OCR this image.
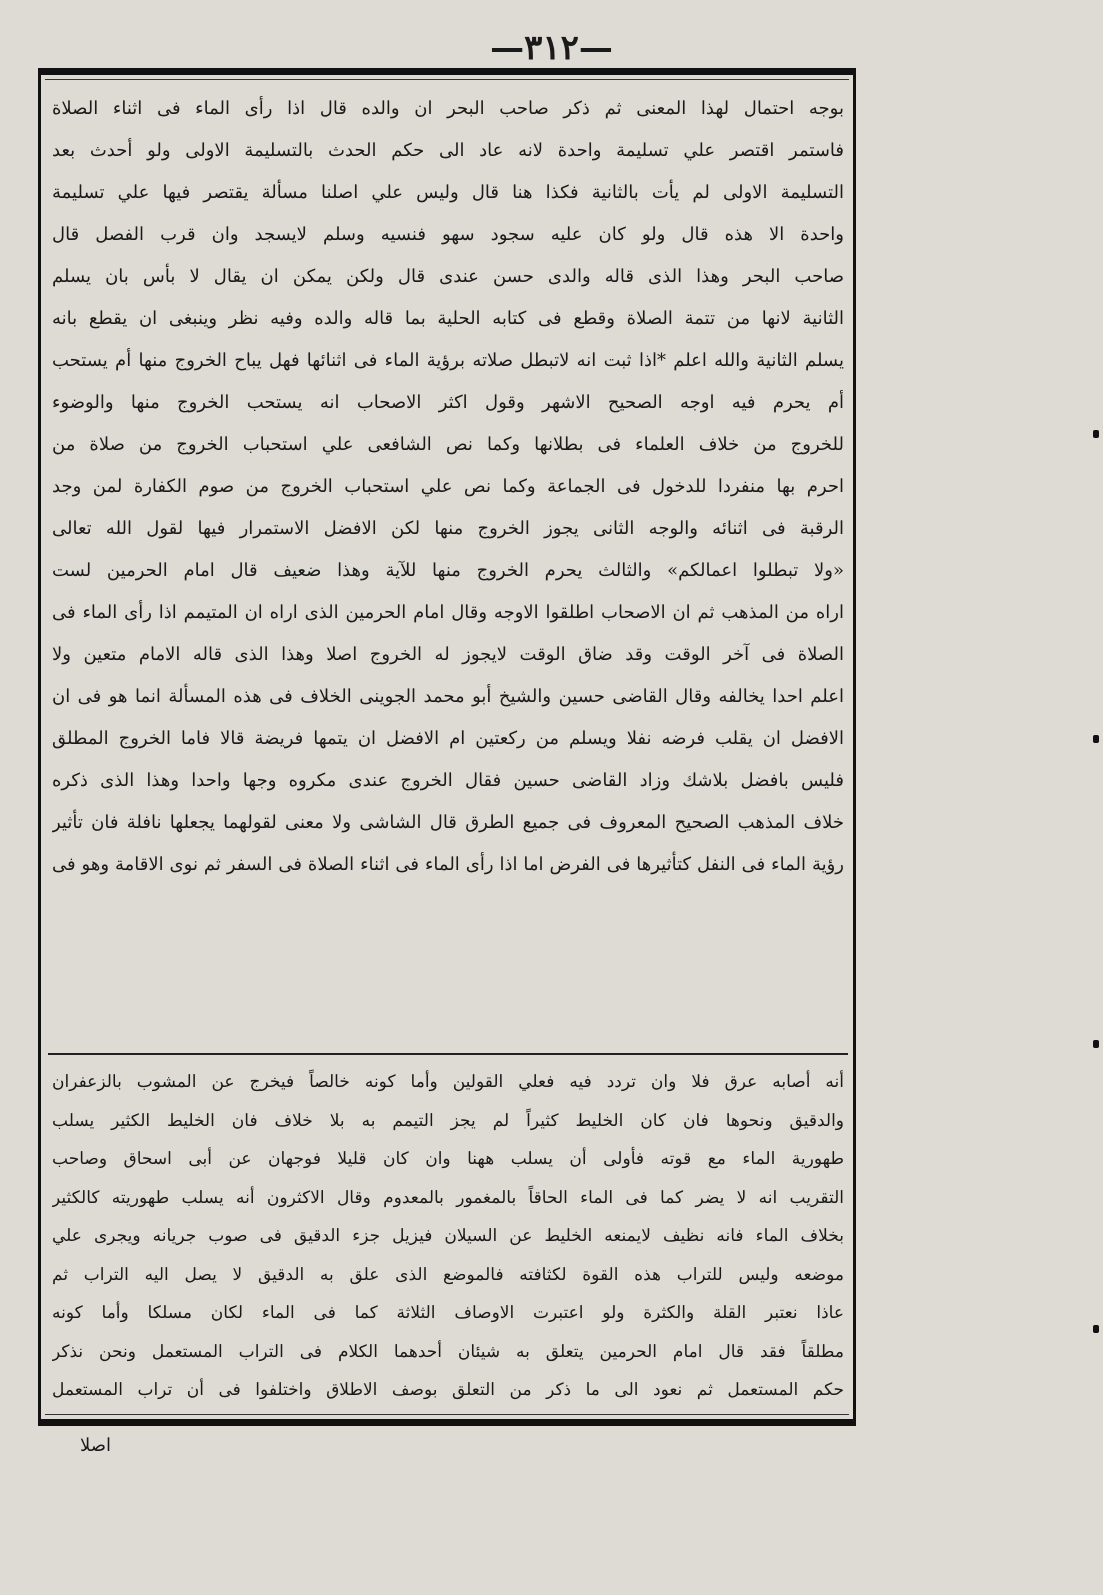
—٣١٢—
بوجه احتمال لهذا المعنى ثم ذكر صاحب البحر ان والده قال اذا رأى الماء فى اثناء الصلاة
فاستمر اقتصر علي تسليمة واحدة لانه عاد الى حكم الحدث بالتسليمة الاولى ولو أحدث بعد
التسليمة الاولى لم يأت بالثانية فكذا هنا قال وليس علي اصلنا مسألة يقتصر فيها علي تسليمة
واحدة الا هذه قال ولو كان عليه سجود سهو فنسيه وسلم لايسجد وان قرب الفصل قال
صاحب البحر وهذا الذى قاله والدى حسن عندى قال ولكن يمكن ان يقال لا بأس بان يسلم
الثانية لانها من تتمة الصلاة وقطع فى كتابه الحلية بما قاله والده وفيه نظر وينبغى ان يقطع بانه
يسلم الثانية والله اعلم *اذا ثبت انه لاتبطل صلاته برؤية الماء فى اثنائها فهل يباح الخروج منها أم يستحب
أم يحرم فيه اوجه الصحيح الاشهر وقول اكثر الاصحاب انه يستحب الخروج منها والوضوء
للخروج من خلاف العلماء فى بطلانها وكما نص الشافعى علي استحباب الخروج من صلاة من
احرم بها منفردا للدخول فى الجماعة وكما نص علي استحباب الخروج من صوم الكفارة لمن وجد
الرقبة فى اثنائه والوجه الثانى يجوز الخروج منها لكن الافضل الاستمرار فيها لقول الله تعالى
«ولا تبطلوا اعمالكم» والثالث يحرم الخروج منها للآية وهذا ضعيف قال امام الحرمين لست
اراه من المذهب ثم ان الاصحاب اطلقوا الاوجه وقال امام الحرمين الذى اراه ان المتيمم اذا رأى الماء فى
الصلاة فى آخر الوقت وقد ضاق الوقت لايجوز له الخروج اصلا وهذا الذى قاله الامام متعين ولا
اعلم احدا يخالفه وقال القاضى حسين والشيخ أبو محمد الجوينى الخلاف فى هذه المسألة انما هو فى ان
الافضل ان يقلب فرضه نفلا ويسلم من ركعتين ام الافضل ان يتمها فريضة قالا فاما الخروج المطلق
فليس بافضل بلاشك وزاد القاضى حسين فقال الخروج عندى مكروه وجها واحدا وهذا الذى ذكره
خلاف المذهب الصحيح المعروف فى جميع الطرق قال الشاشى ولا معنى لقولهما يجعلها نافلة فان تأثير
رؤية الماء فى النفل كتأثيرها فى الفرض اما اذا رأى الماء فى اثناء الصلاة فى السفر ثم نوى الاقامة وهو فى
أنه أصابه عرق فلا وان تردد فيه فعلي القولين وأما كونه خالصاً فيخرج عن المشوب بالزعفران
والدقيق ونحوها فان كان الخليط كثيراً لم يجز التيمم به بلا خلاف فان الخليط الكثير يسلب
طهورية الماء مع قوته فأولى أن يسلب ههنا وان كان قليلا فوجهان عن أبى اسحاق وصاحب
التقريب انه لا يضر كما فى الماء الحاقاً بالمغمور بالمعدوم وقال الاكثرون أنه يسلب طهوريته كالكثير
بخلاف الماء فانه نظيف لايمنعه الخليط عن السيلان فيزيل جزء الدقيق فى صوب جريانه ويجرى علي
موضعه وليس للتراب هذه القوة لكثافته فالموضع الذى علق به الدقيق لا يصل اليه التراب ثم
عاذا نعتبر القلة والكثرة ولو اعتبرت الاوصاف الثلاثة كما فى الماء لكان مسلكا وأما كونه
مطلقاً فقد قال امام الحرمين يتعلق به شيئان أحدهما الكلام فى التراب المستعمل ونحن نذكر
حكم المستعمل ثم نعود الى ما ذكر من التعلق بوصف الاطلاق واختلفوا فى أن تراب المستعمل
اصلا
